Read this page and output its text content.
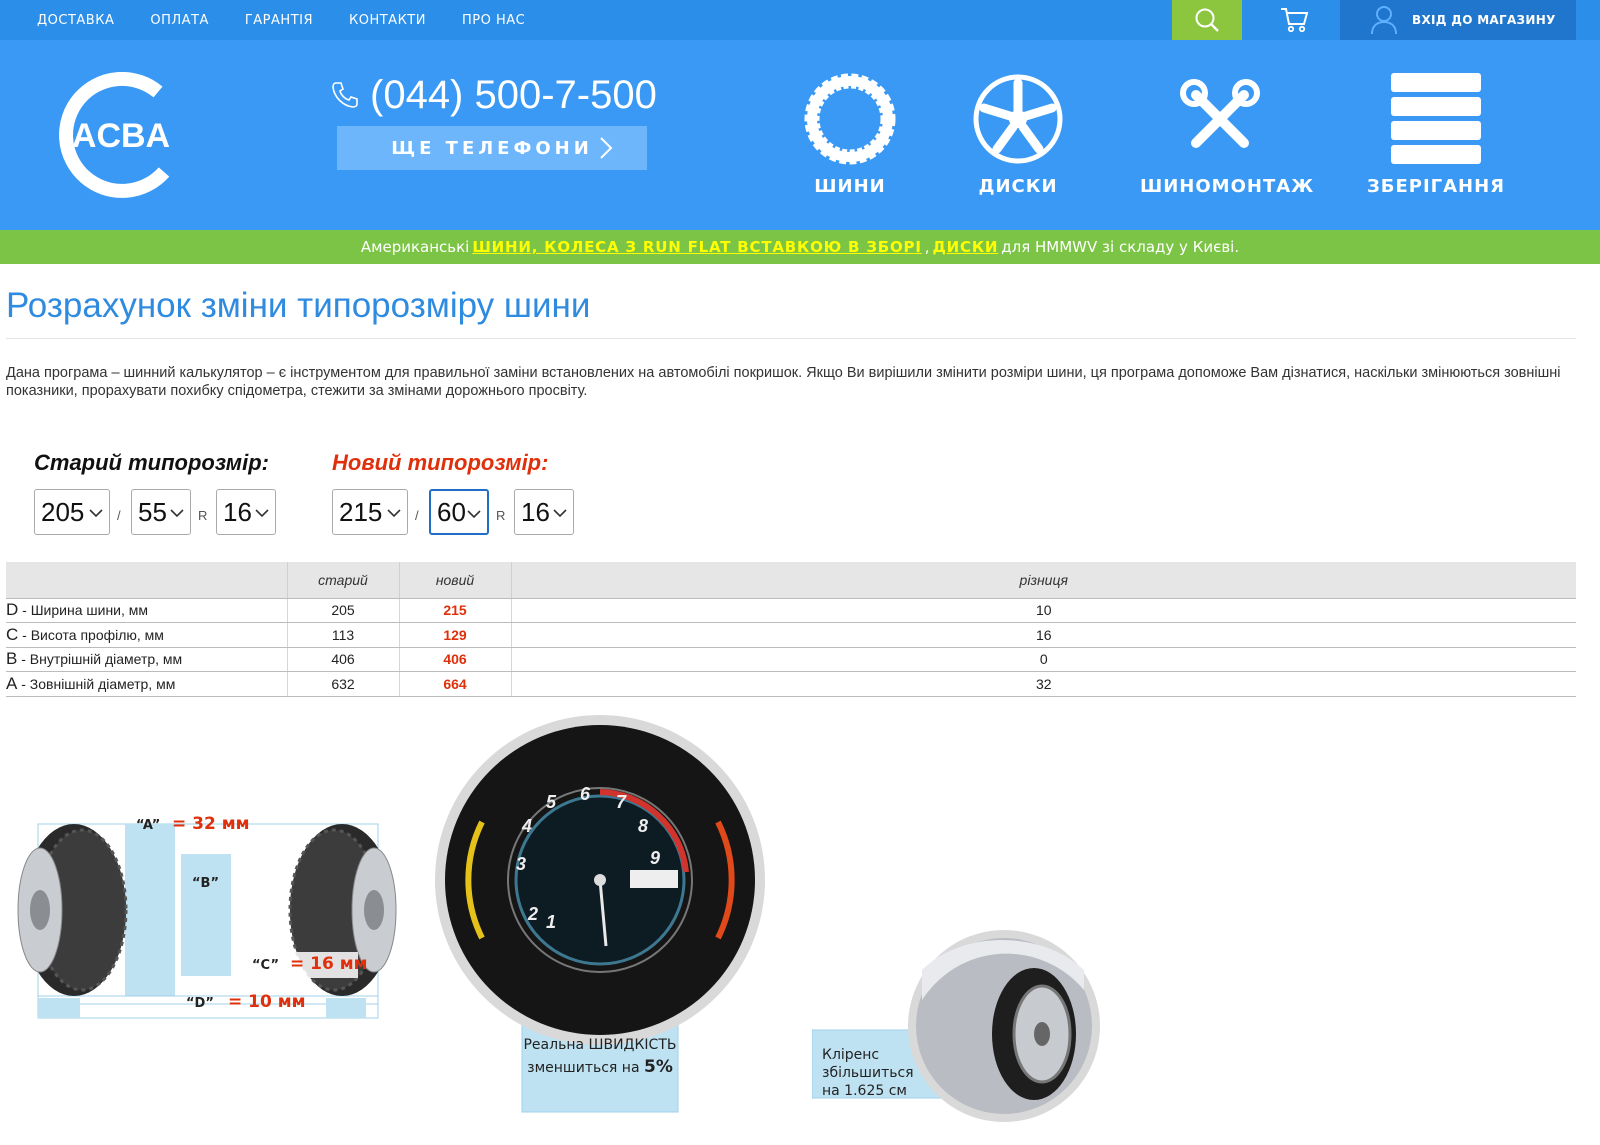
ДОСТАВКА	ОПЛАТА	ГАРАНТІЯ	КОНТАКТИ	ПРО НАС	ВХІД ДО МАГАЗИНУ
ACBA
(044) 500-7-500
ЩЕ ТЕЛЕФОНИ
ШИНИ	ДИСКИ	ШИНОМОНТАЖ	ЗБЕРІГАННЯ
Американські ШИНИ, КОЛЕСА З RUN FLAT ВСТАВКОЮ В ЗБОРІ , ДИСКИ для HMMWV зі складу у Києві.
Розрахунок зміни типорозміру шини

Дана програма – шинний калькулятор – є інструментом для правильної заміни встановлених на автомобілі покришок. Якщо Ви вирішили змінити розміри шини, ця програма допоможе Вам дізнатися, наскільки змінюються зовнішні показники, прорахувати похибку спідометра, стежити за змінами дорожнього просвіту.

Старий типорозмір:	Новий типорозмір:
205	/ 55 R 16	215	/ 60 R 16
	старий	новий	різниця
D - Ширина шини, мм	205	215	10
C - Висота профілю, мм	113	129	16
B - Внутрішній діаметр, мм	406	406	0
A - Зовнішній діаметр, мм	632	664	32
“A” = 32 мм
“B”
“C” = 16 мм
“D” = 10 мм
2
3
4
5 6 7
8
9
1
Реальна ШВИДКІСТЬ
зменшиться на 5%
Кліренс
збільшиться
на 1.625 см
